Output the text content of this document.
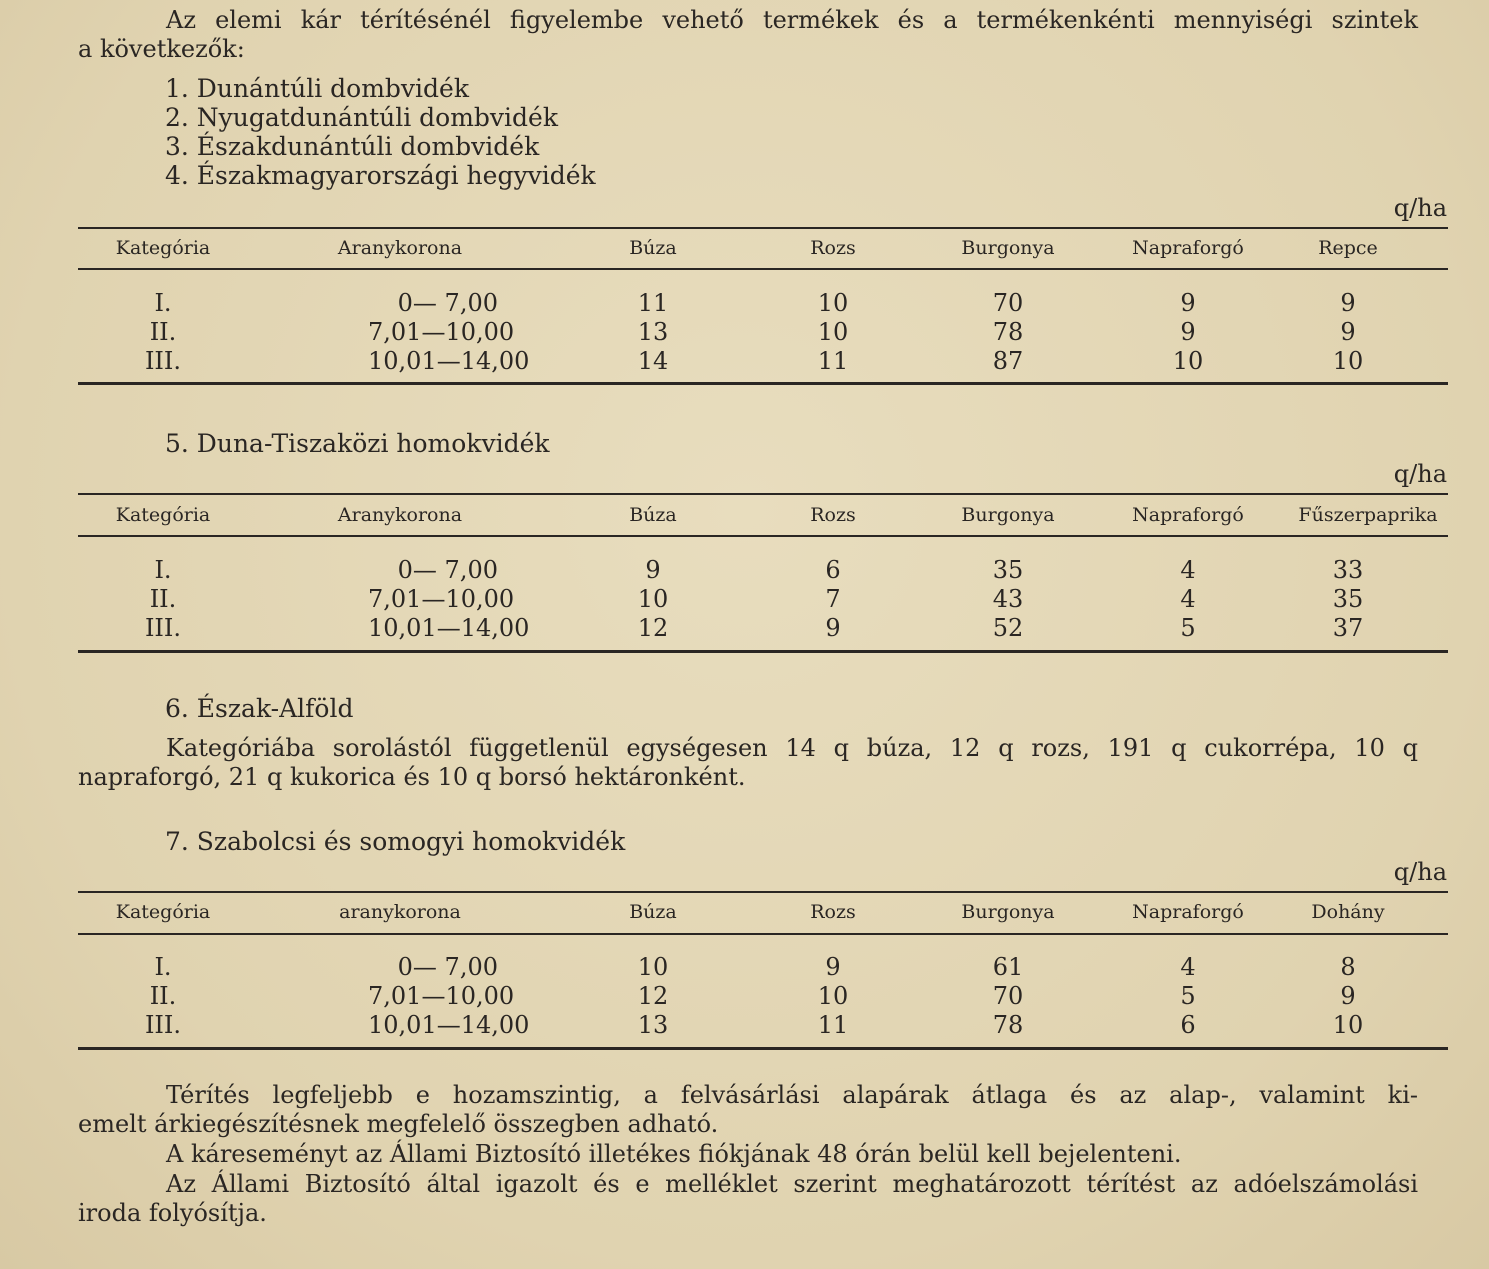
Az elemi kár térítésénél figyelembe vehető termékek és a termékenkénti mennyiségi szintek
a következők:
1. Dunántúli dombvidék
2. Nyugatdunántúli dombvidék
3. Északdunántúli dombvidék
4. Északmagyarországi hegyvidék
q/ha
Kategória	Aranykorona	Búza	Rozs	Burgonya	Napraforgó	Repce
I.	0— 7,00	11	10	70	9	9
II.	7,01—10,00	13	10	78	9	9
III.	10,01—14,00	14	11	87	10	10
5. Duna-Tiszaközi homokvidék
q/ha
Kategória	Aranykorona	Búza	Rozs	Burgonya	Napraforgó	Fűszerpaprika
I.	0— 7,00	9	6	35	4	33
II.	7,01—10,00	10	7	43	4	35
III.	10,01—14,00	12	9	52	5	37
6. Észak-Alföld
Kategóriába sorolástól függetlenül egységesen 14 q búza, 12 q rozs, 191 q cukorrépa, 10 q
napraforgó, 21 q kukorica és 10 q borsó hektáronként.
7. Szabolcsi és somogyi homokvidék
q/ha
Kategória	aranykorona	Búza	Rozs	Burgonya	Napraforgó	Dohány
I.	0— 7,00	10	9	61	4	8
II.	7,01—10,00	12	10	70	5	9
III.	10,01—14,00	13	11	78	6	10
Térítés legfeljebb e hozamszintig, a felvásárlási alapárak átlaga és az alap-, valamint ki-
emelt árkiegészítésnek megfelelő összegben adható.
A káreseményt az Állami Biztosító illetékes fiókjának 48 órán belül kell bejelenteni.
Az Állami Biztosító által igazolt és e melléklet szerint meghatározott térítést az adóelszámolási
iroda folyósítja.
